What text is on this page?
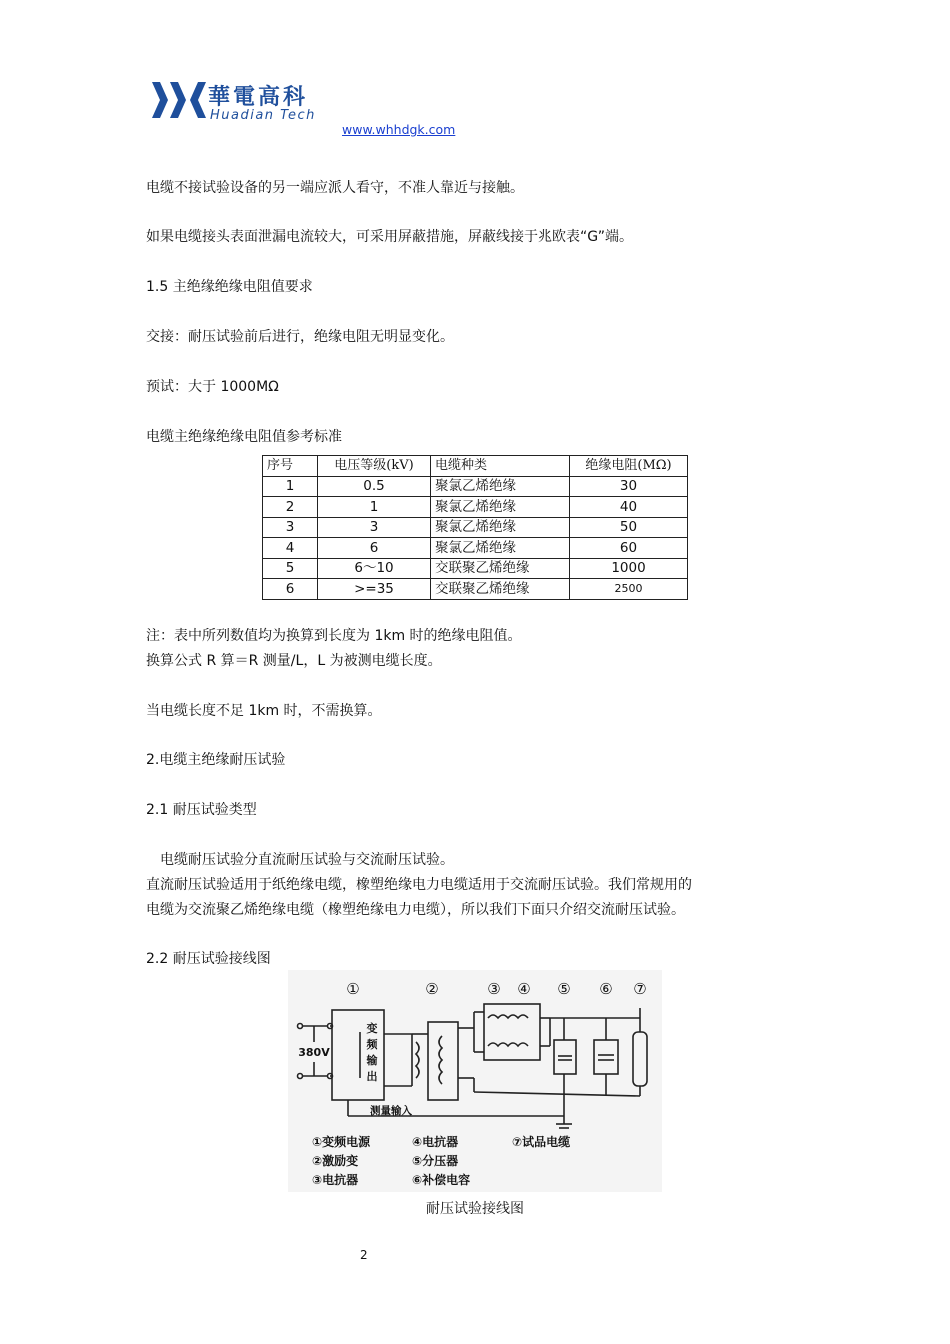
華電高科
Huadian Tech
www.whhdgk.com
电缆不接试验设备的另一端应派人看守，不准人靠近与接触。
如果电缆接头表面泄漏电流较大，可采用屏蔽措施，屏蔽线接于兆欧表“G”端。
1.5 主绝缘绝缘电阻值要求
交接：耐压试验前后进行，绝缘电阻无明显变化。
预试：大于 1000MΩ
电缆主绝缘绝缘电阻值参考标准
序号	电压等级(kV)	电缆种类	绝缘电阻(MΩ)
1	0.5	聚氯乙烯绝缘	30
2	1	聚氯乙烯绝缘	40
3	3	聚氯乙烯绝缘	50
4	6	聚氯乙烯绝缘	60
5	6～10	交联聚乙烯绝缘	1000
6	>=35	交联聚乙烯绝缘	2500
注：表中所列数值均为换算到长度为 1km 时的绝缘电阻值。
换算公式 R 算＝R 测量/L，L 为被测电缆长度。
当电缆长度不足 1km 时，不需换算。
2.电缆主绝缘耐压试验
2.1 耐压试验类型
电缆耐压试验分直流耐压试验与交流耐压试验。
直流耐压试验适用于纸绝缘电缆，橡塑绝缘电力电缆适用于交流耐压试验。我们常规用的
电缆为交流聚乙烯绝缘电缆（橡塑绝缘电力电缆），所以我们下面只介绍交流耐压试验。
2.2 耐压试验接线图
①	②	③ ④ ⑤ ⑥ ⑦
380V
变
频
输
出
测量输入
①变频电源	④电抗器	⑦试品电缆
②激励变	⑤分压器
③电抗器	⑥补偿电容
耐压试验接线图
2
